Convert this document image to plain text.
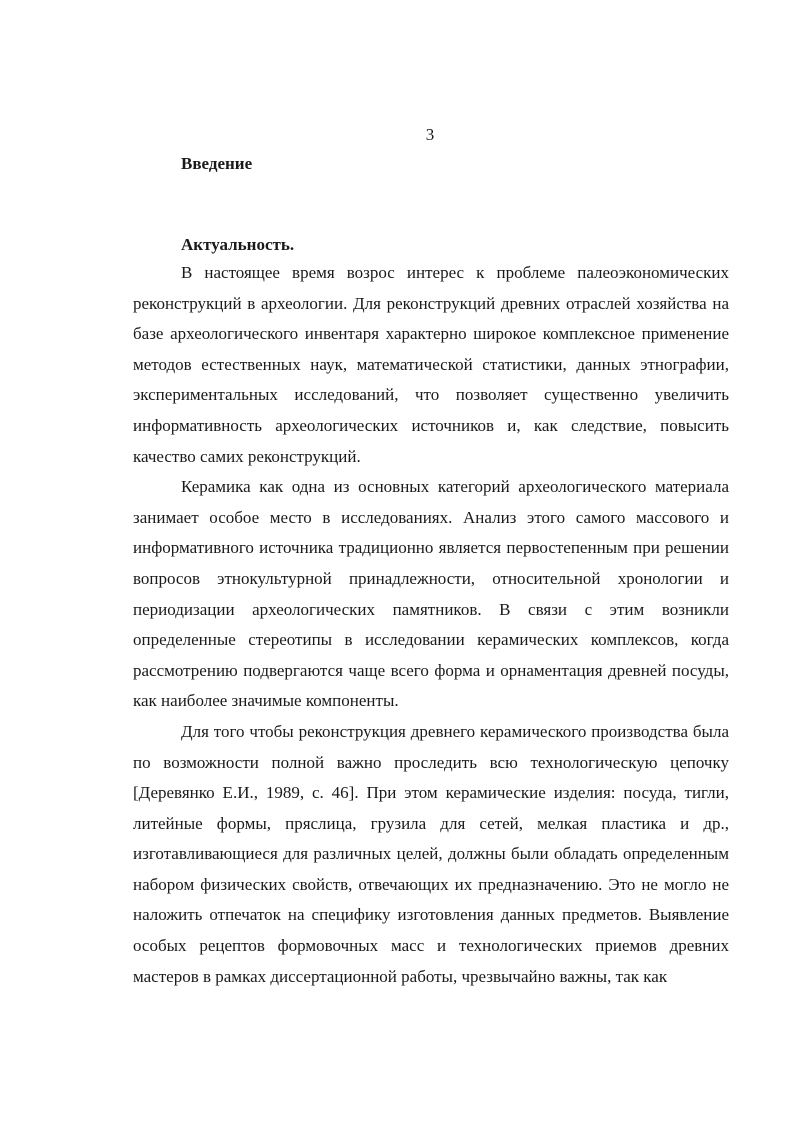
3
Введение
Актуальность.

В настоящее время возрос интерес к проблеме палеоэкономических реконструкций в археологии. Для реконструкций древних отраслей хозяйства на базе археологического инвентаря характерно широкое комплексное применение методов естественных наук, математической статистики, данных этнографии, экспериментальных исследований, что позволяет существенно увеличить информативность археологических источников и, как следствие, повысить качество самих реконструкций.

Керамика как одна из основных категорий археологического материала занимает особое место в исследованиях. Анализ этого самого массового и информативного источника традиционно является первостепенным при решении вопросов этнокультурной принадлежности, относительной хронологии и периодизации археологических памятников. В связи с этим возникли определенные стереотипы в исследовании керамических комплексов, когда рассмотрению подвергаются чаще всего форма и орнаментация древней посуды, как наиболее значимые компоненты.

Для того чтобы реконструкция древнего керамического производства была по возможности полной важно проследить всю технологическую цепочку [Деревянко Е.И., 1989, с. 46]. При этом керамические изделия: посуда, тигли, литейные формы, пряслица, грузила для сетей, мелкая пластика и др., изготавливающиеся для различных целей, должны были обладать определенным набором физических свойств, отвечающих их предназначению. Это не могло не наложить отпечаток на специфику изготовления данных предметов. Выявление особых рецептов формовочных масс и технологических приемов древних мастеров в рамках диссертационной работы, чрезвычайно важны, так как
